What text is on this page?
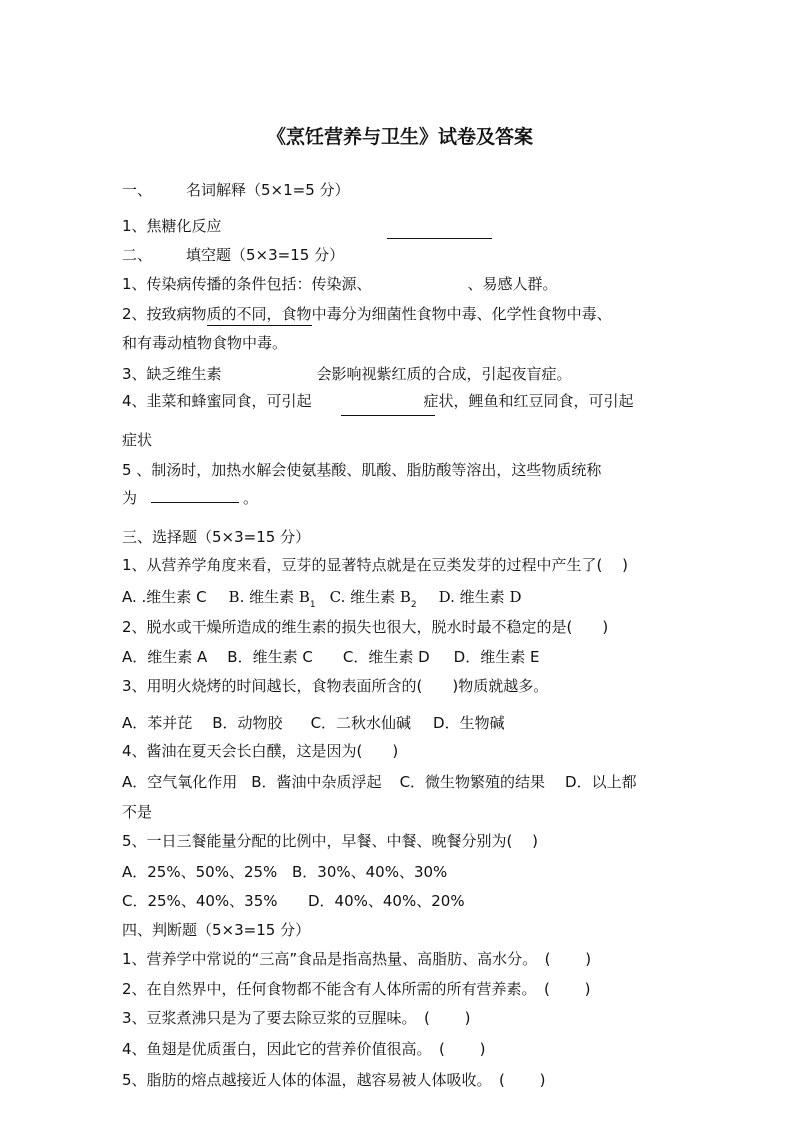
《烹饪营养与卫生》试卷及答案
一、 名词解释（5×1=5 分）
1、焦糖化反应
二、 填空题（5×3=15 分）
1、传染病传播的条件包括：传染源、	、易感人群。
2、按致病物质的不同，食物中毒分为细菌性食物中毒、化学性食物中毒、
和有毒动植物食物中毒。
3、缺乏维生素	会影响视紫红质的合成，引起夜盲症。
4、韭菜和蜂蜜同食，可引起	症状，鲤鱼和红豆同食，可引起
症状
5 、制汤时，加热水解会使氨基酸、肌酸、脂肪酸等溶出，这些物质统称
为	。
三、选择题（5×3=15 分）
1、从营养学角度来看，豆芽的显著特点就是在豆类发芽的过程中产生了(　 )
A. .维生素 C B. 维生素 $B_1$ C. 维生素 $B_2$ D. 维生素 D
2、脱水或干燥所造成的维生素的损失也很大，脱水时最不稳定的是(　　)
A．维生素 A B．维生素 C C．维生素 D D．维生素 E
3、用明火烧烤的时间越长，食物表面所含的(　　)物质就越多。
A．苯并芘 B．动物胶 C．二秋水仙碱 D．生物碱
4、酱油在夏天会长白醭，这是因为(　　)
A．空气氧化作用 B．酱油中杂质浮起 C．微生物繁殖的结果 D．以上都
不是
5、一日三餐能量分配的比例中，早餐、中餐、晚餐分别为(　 )
A．25%、50%、25% B．30%、40%、30%
C．25%、40%、35% D．40%、40%、20%
四、判断题（5×3=15 分）
1、营养学中常说的“三高”食品是指高热量、高脂肪、高水分。　(　　 )
2、在自然界中，任何食物都不能含有人体所需的所有营养素。　(　　 )
3、豆浆煮沸只是为了要去除豆浆的豆腥味。　(　　 )
4、鱼翅是优质蛋白，因此它的营养价值很高。　(　　 )
5、脂肪的熔点越接近人体的体温，越容易被人体吸收。　(　　 )
